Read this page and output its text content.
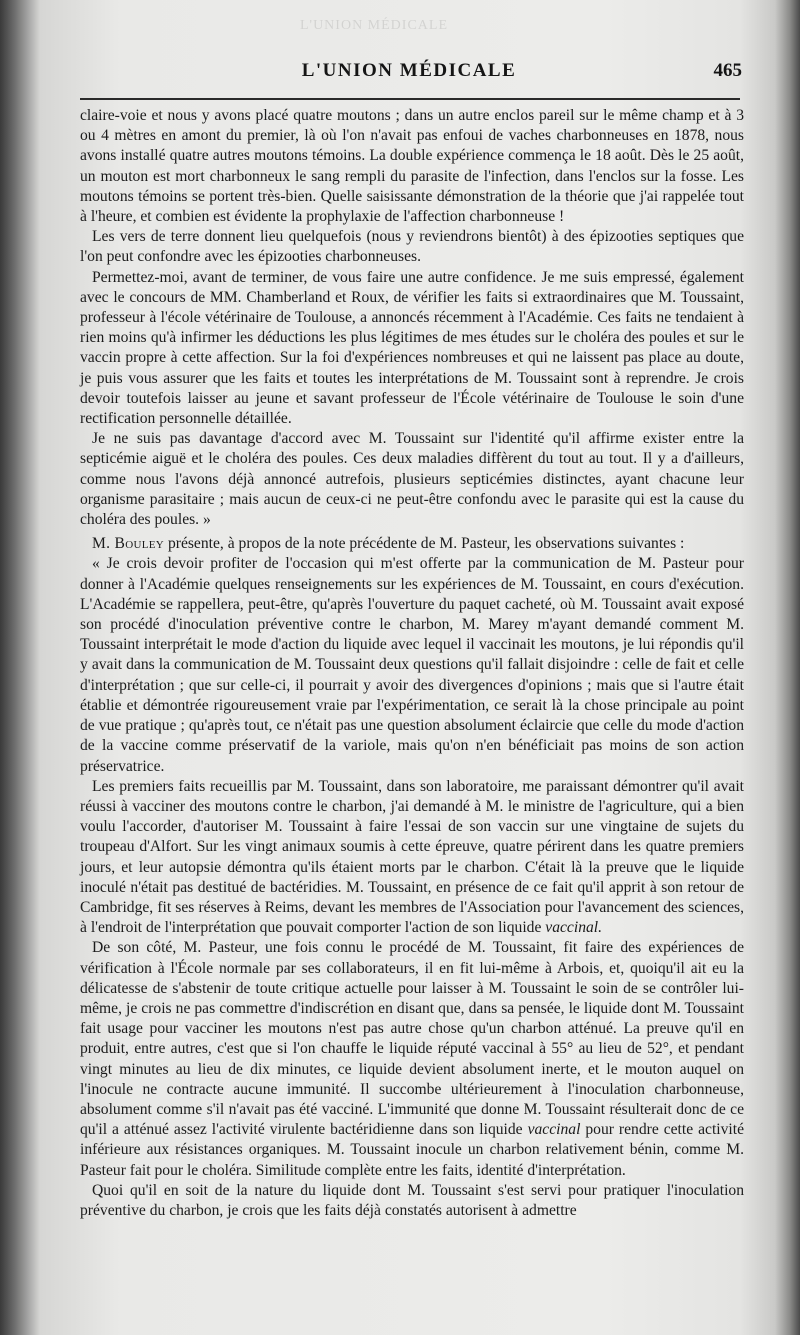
L'UNION MÉDICALE
L'UNION MÉDICALE	465

claire-voie et nous y avons placé quatre moutons ; dans un autre enclos pareil sur le même champ et à 3 ou 4 mètres en amont du premier, là où l'on n'avait pas enfoui de vaches charbonneuses en 1878, nous avons installé quatre autres moutons témoins. La double expérience commença le 18 août. Dès le 25 août, un mouton est mort charbonneux le sang rempli du parasite de l'infection, dans l'enclos sur la fosse. Les moutons témoins se portent très-bien. Quelle saisissante démonstration de la théorie que j'ai rappelée tout à l'heure, et combien est évidente la prophylaxie de l'affection charbonneuse !

Les vers de terre donnent lieu quelquefois (nous y reviendrons bientôt) à des épizooties septiques que l'on peut confondre avec les épizooties charbonneuses.

Permettez-moi, avant de terminer, de vous faire une autre confidence. Je me suis empressé, également avec le concours de MM. Chamberland et Roux, de vérifier les faits si extraordinaires que M. Toussaint, professeur à l'école vétérinaire de Toulouse, a annoncés récemment à l'Académie. Ces faits ne tendaient à rien moins qu'à infirmer les déductions les plus légitimes de mes études sur le choléra des poules et sur le vaccin propre à cette affection. Sur la foi d'expériences nombreuses et qui ne laissent pas place au doute, je puis vous assurer que les faits et toutes les interprétations de M. Toussaint sont à reprendre. Je crois devoir toutefois laisser au jeune et savant professeur de l'École vétérinaire de Toulouse le soin d'une rectification personnelle détaillée.

Je ne suis pas davantage d'accord avec M. Toussaint sur l'identité qu'il affirme exister entre la septicémie aiguë et le choléra des poules. Ces deux maladies diffèrent du tout au tout. Il y a d'ailleurs, comme nous l'avons déjà annoncé autrefois, plusieurs septicémies distinctes, ayant chacune leur organisme parasitaire ; mais aucun de ceux-ci ne peut-être confondu avec le parasite qui est la cause du choléra des poules. »

M. Bouley présente, à propos de la note précédente de M. Pasteur, les observations suivantes :

« Je crois devoir profiter de l'occasion qui m'est offerte par la communication de M. Pasteur pour donner à l'Académie quelques renseignements sur les expériences de M. Toussaint, en cours d'exécution. L'Académie se rappellera, peut-être, qu'après l'ouverture du paquet cacheté, où M. Toussaint avait exposé son procédé d'inoculation préventive contre le charbon, M. Marey m'ayant demandé comment M. Toussaint interprétait le mode d'action du liquide avec lequel il vaccinait les moutons, je lui répondis qu'il y avait dans la communication de M. Toussaint deux questions qu'il fallait disjoindre : celle de fait et celle d'interprétation ; que sur celle-ci, il pourrait y avoir des divergences d'opinions ; mais que si l'autre était établie et démontrée rigoureusement vraie par l'expérimentation, ce serait là la chose principale au point de vue pratique ; qu'après tout, ce n'était pas une question absolument éclaircie que celle du mode d'action de la vaccine comme préservatif de la variole, mais qu'on n'en bénéficiait pas moins de son action préservatrice.

Les premiers faits recueillis par M. Toussaint, dans son laboratoire, me paraissant démontrer qu'il avait réussi à vacciner des moutons contre le charbon, j'ai demandé à M. le ministre de l'agriculture, qui a bien voulu l'accorder, d'autoriser M. Toussaint à faire l'essai de son vaccin sur une vingtaine de sujets du troupeau d'Alfort. Sur les vingt animaux soumis à cette épreuve, quatre périrent dans les quatre premiers jours, et leur autopsie démontra qu'ils étaient morts par le charbon. C'était là la preuve que le liquide inoculé n'était pas destitué de bactéridies. M. Toussaint, en présence de ce fait qu'il apprit à son retour de Cambridge, fit ses réserves à Reims, devant les membres de l'Association pour l'avancement des sciences, à l'endroit de l'interprétation que pouvait comporter l'action de son liquide vaccinal.

De son côté, M. Pasteur, une fois connu le procédé de M. Toussaint, fit faire des expériences de vérification à l'École normale par ses collaborateurs, il en fit lui-même à Arbois, et, quoiqu'il ait eu la délicatesse de s'abstenir de toute critique actuelle pour laisser à M. Toussaint le soin de se contrôler lui-même, je crois ne pas commettre d'indiscrétion en disant que, dans sa pensée, le liquide dont M. Toussaint fait usage pour vacciner les moutons n'est pas autre chose qu'un charbon atténué. La preuve qu'il en produit, entre autres, c'est que si l'on chauffe le liquide réputé vaccinal à 55° au lieu de 52°, et pendant vingt minutes au lieu de dix minutes, ce liquide devient absolument inerte, et le mouton auquel on l'inocule ne contracte aucune immunité. Il succombe ultérieurement à l'inoculation charbonneuse, absolument comme s'il n'avait pas été vacciné. L'immunité que donne M. Toussaint résulterait donc de ce qu'il a atténué assez l'activité virulente bactéridienne dans son liquide vaccinal pour rendre cette activité inférieure aux résistances organiques. M. Toussaint inocule un charbon relativement bénin, comme M. Pasteur fait pour le choléra. Similitude complète entre les faits, identité d'interprétation.

Quoi qu'il en soit de la nature du liquide dont M. Toussaint s'est servi pour pratiquer l'inoculation préventive du charbon, je crois que les faits déjà constatés autorisent à admettre
